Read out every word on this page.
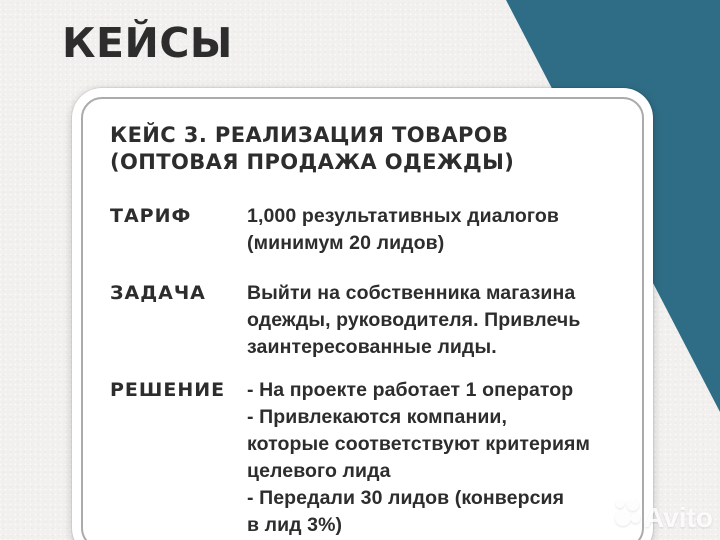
КЕЙСЫ
КЕЙС 3. РЕАЛИЗАЦИЯ ТОВАРОВ
(ОПТОВАЯ ПРОДАЖА ОДЕЖДЫ)
ТАРИФ	1,000 результативных диалогов
(минимум 20 лидов)
ЗАДАЧА	Выйти на собственника магазина
одежды, руководителя. Привлечь
заинтересованные лиды.
РЕШЕНИЕ	- На проекте работает 1 оператор
- Привлекаются компании,
которые соответствуют критериям
целевого лида
- Передали 30 лидов (конверсия
в лид 3%)	Avito
